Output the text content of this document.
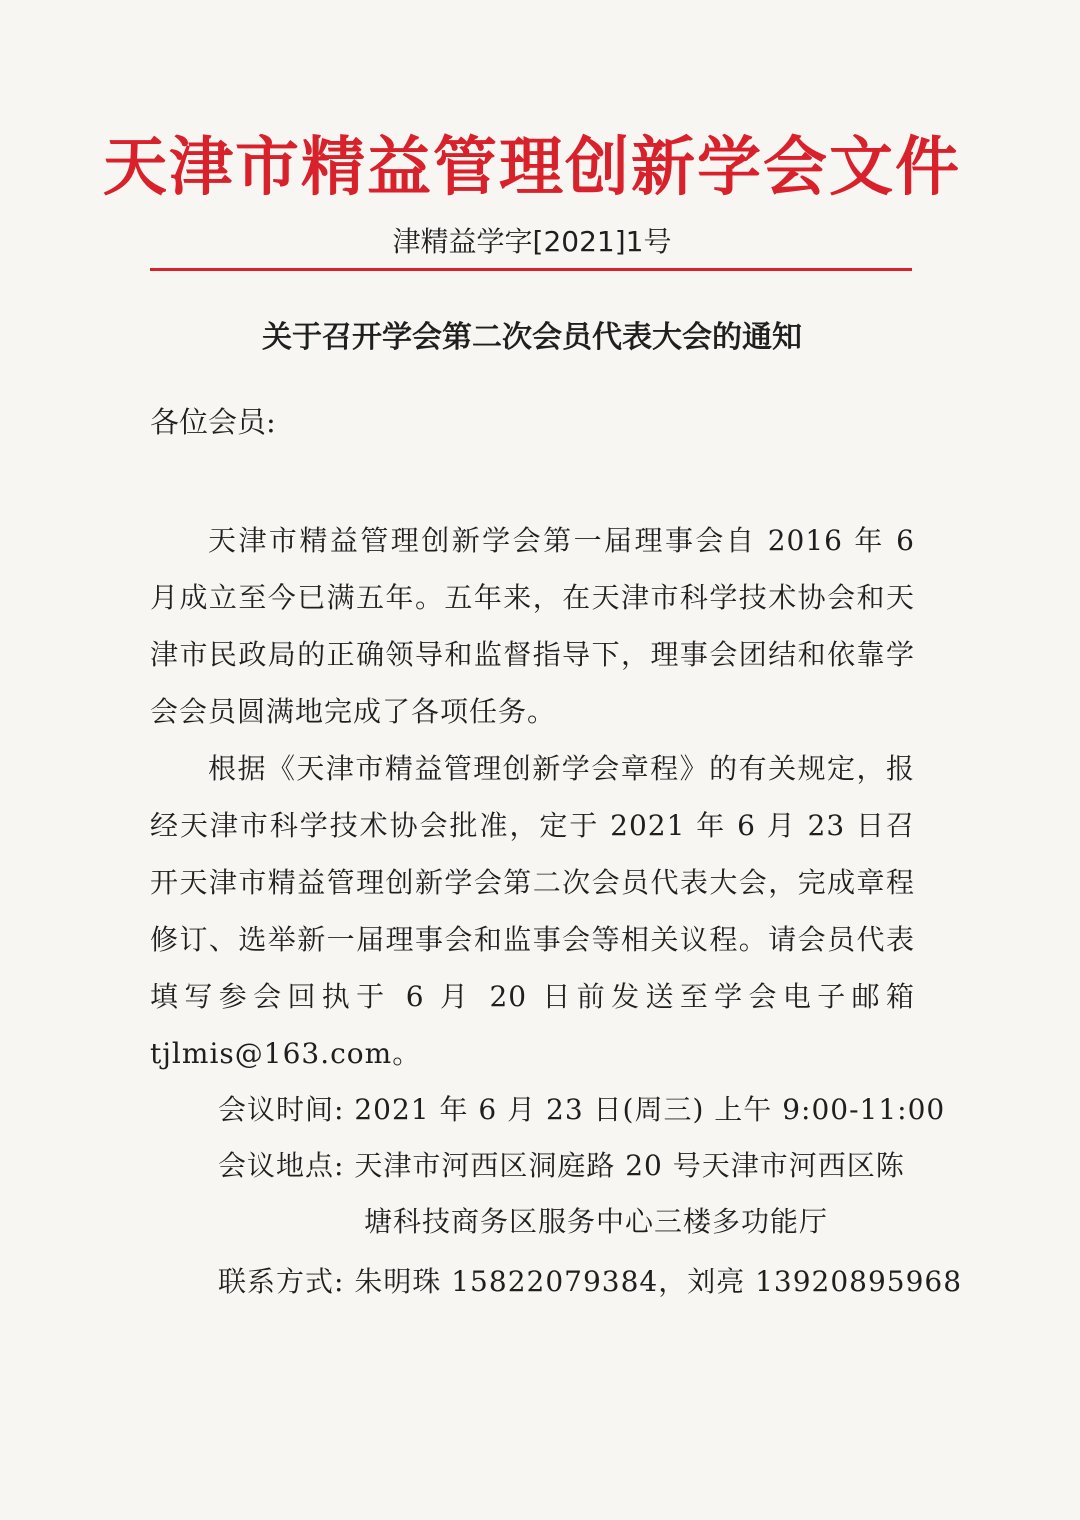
天津市精益管理创新学会文件
津精益学字[2021]1号
关于召开学会第二次会员代表大会的通知
各位会员:
天津市精益管理创新学会第一届理事会自 2016 年 6 月成立至今已满五年。五年来，在天津市科学技术协会和天津市民政局的正确领导和监督指导下，理事会团结和依靠学会会员圆满地完成了各项任务。
根据《天津市精益管理创新学会章程》的有关规定，报经天津市科学技术协会批准，定于 2021 年 6 月 23 日召开天津市精益管理创新学会第二次会员代表大会，完成章程修订、选举新一届理事会和监事会等相关议程。请会员代表填写参会回执于 6 月 20 日前发送至学会电子邮箱 tjlmis@163.com。
会议时间: 2021 年 6 月 23 日(周三) 上午 9:00-11:00
会议地点: 天津市河西区洞庭路 20 号天津市河西区陈
塘科技商务区服务中心三楼多功能厅
联系方式: 朱明珠 15822079384，刘亮 13920895968
